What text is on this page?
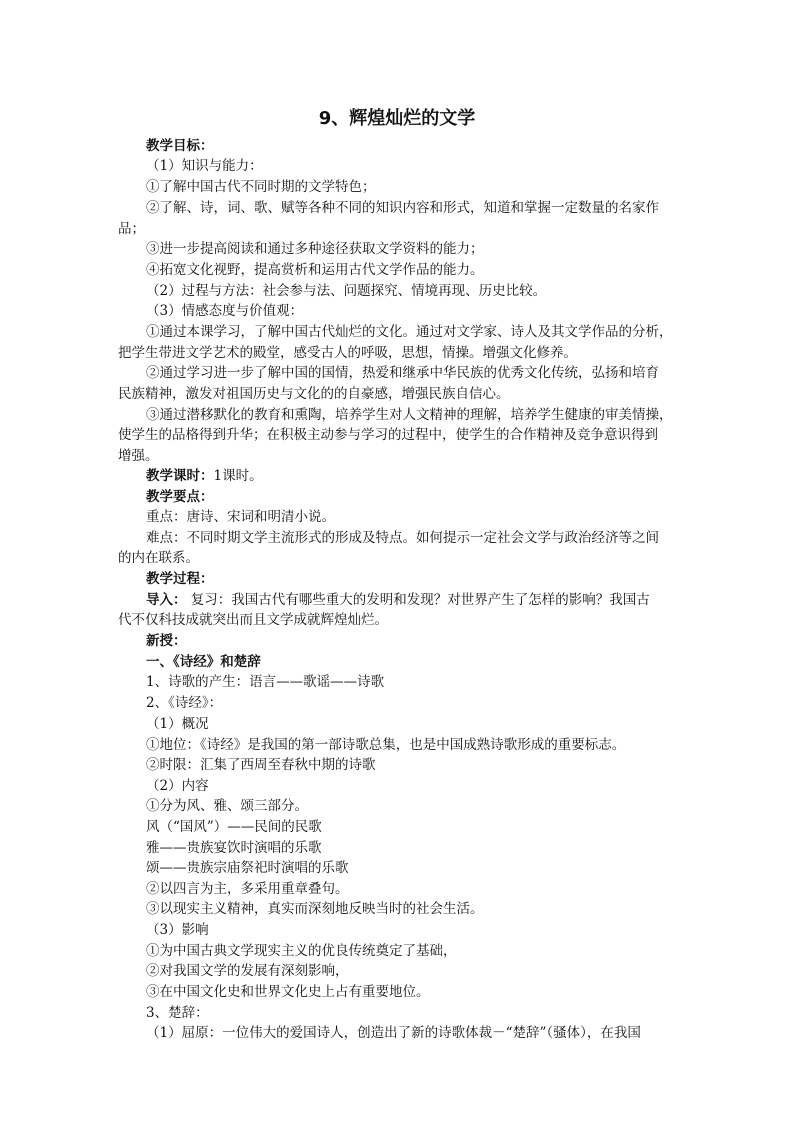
9、辉煌灿烂的文学
教学目标：
（1）知识与能力：
①了解中国古代不同时期的文学特色；
②了解、诗，词、歌、赋等各种不同的知识内容和形式，知道和掌握一定数量的名家作
品；
③进一步提高阅读和通过多种途径获取文学资料的能力；
④拓宽文化视野，提高赏析和运用古代文学作品的能力。
（2）过程与方法：社会参与法、问题探究、情境再现、历史比较。
（3）情感态度与价值观：
①通过本课学习，了解中国古代灿烂的文化。通过对文学家、诗人及其文学作品的分析，
把学生带进文学艺术的殿堂，感受古人的呼吸，思想，情操。增强文化修养。
②通过学习进一步了解中国的国情，热爱和继承中华民族的优秀文化传统，弘扬和培育
民族精神，激发对祖国历史与文化的的自豪感，增强民族自信心。
③通过潜移默化的教育和熏陶，培养学生对人文精神的理解，培养学生健康的审美情操，
使学生的品格得到升华；在积极主动参与学习的过程中，使学生的合作精神及竞争意识得到
增强。
教学课时：1课时。
教学要点：
重点：唐诗、宋词和明清小说。
难点：不同时期文学主流形式的形成及特点。如何提示一定社会文学与政治经济等之间
的内在联系。
教学过程：
导入： 复习：我国古代有哪些重大的发明和发现？对世界产生了怎样的影响？我国古
代不仅科技成就突出而且文学成就辉煌灿烂。
新授：
一、《诗经》和楚辞
1、诗歌的产生：语言——歌谣——诗歌
2、《诗经》：
（1）概况
①地位：《诗经》是我国的第一部诗歌总集，也是中国成熟诗歌形成的重要标志。
②时限：汇集了西周至春秋中期的诗歌
（2）内容
①分为风、雅、颂三部分。
风（“国风”）——民间的民歌
雅——贵族宴饮时演唱的乐歌
颂——贵族宗庙祭祀时演唱的乐歌
②以四言为主，多采用重章叠句。
③以现实主义精神，真实而深刻地反映当时的社会生活。
（3）影响
①为中国古典文学现实主义的优良传统奠定了基础，
②对我国文学的发展有深刻影响，
③在中国文化史和世界文化史上占有重要地位。
3、楚辞：
（1）屈原：一位伟大的爱国诗人，创造出了新的诗歌体裁－“楚辞”（骚体），在我国
